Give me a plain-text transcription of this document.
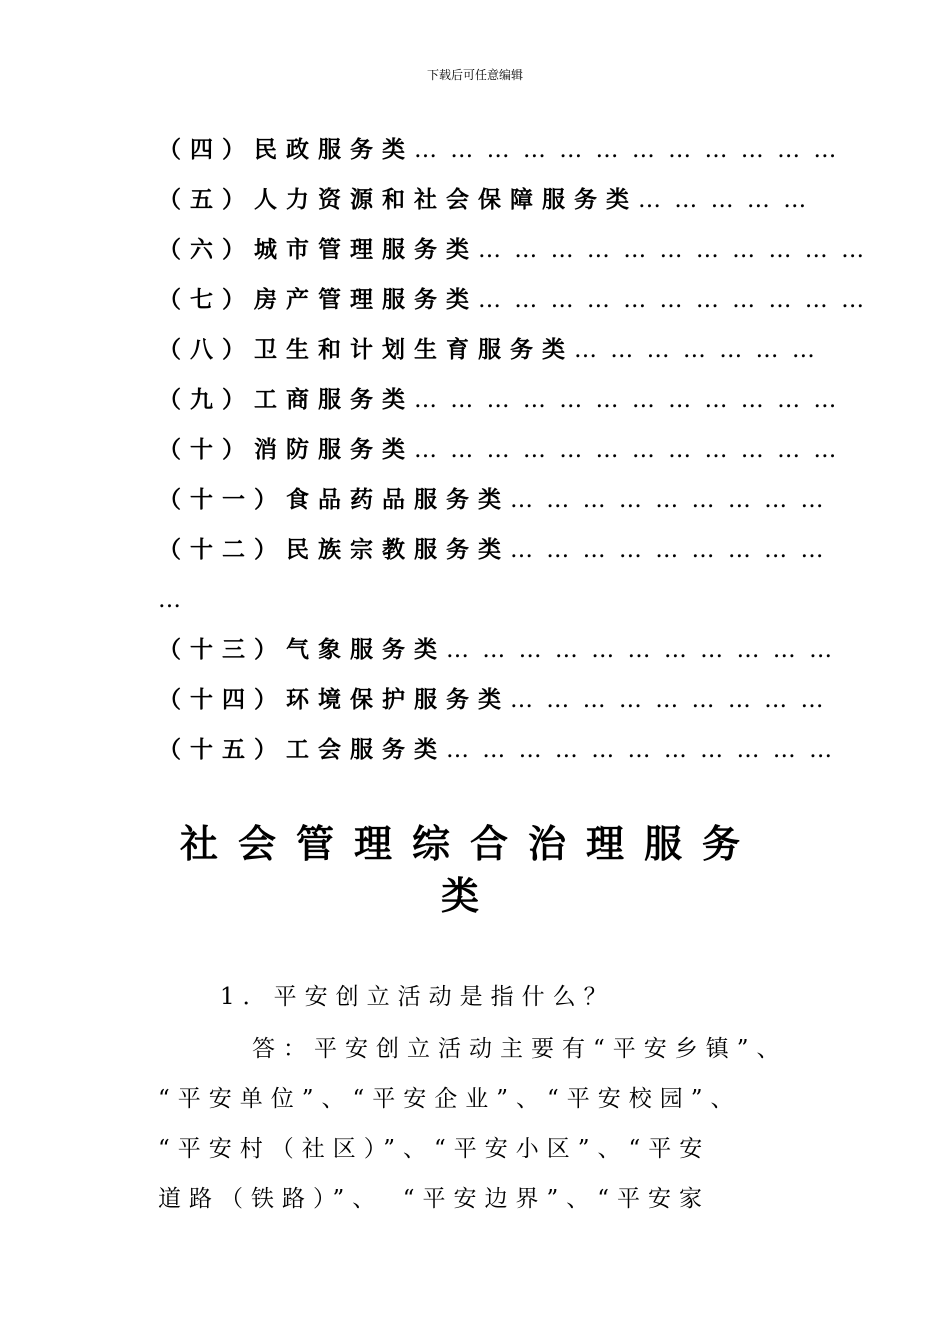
下载后可任意编辑
（四）民政服务类… … … … … … … … … … … …
（五）人力资源和社会保障服务类… … … … …
（六）城市管理服务类… … … … … … … … … … …
（七）房产管理服务类… … … … … … … … … … …
（八）卫生和计划生育服务类… … … … … … …
（九）工商服务类… … … … … … … … … … … …
（十）消防服务类… … … … … … … … … … … …
（十一）食品药品服务类… … … … … … … … …
（十二）民族宗教服务类… … … … … … … … …
…
（十三）气象服务类… … … … … … … … … … …
（十四）环境保护服务类… … … … … … … … …
（十五）工会服务类… … … … … … … … … … …
社会管理综合治理服务
类
1．平安创立活动是指什么？
答：平安创立活动主要有“平安乡镇”、
“平安单位”、“平安企业”、“平安校园”、
“平安村（社区）”、“平安小区”、“平安
道路（铁路）”、　“平安边界”、“平安家
